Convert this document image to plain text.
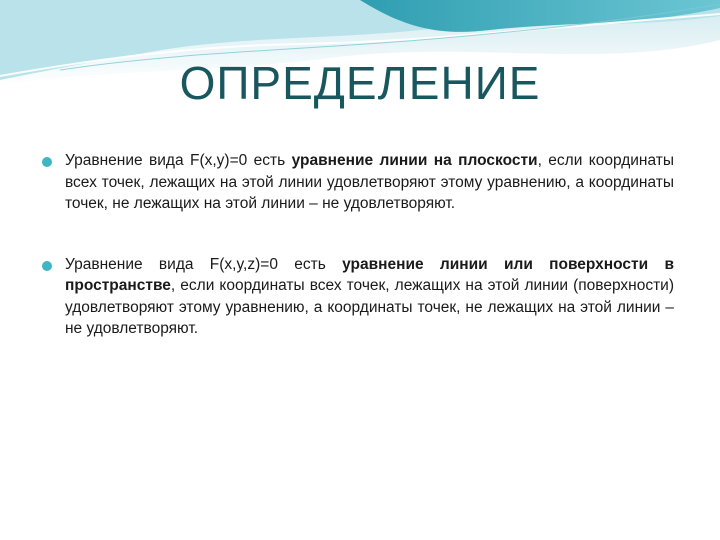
ОПРЕДЕЛЕНИЕ
Уравнение вида F(x,y)=0 есть уравнение линии на плоскости, если координаты всех точек, лежащих на этой линии удовлетворяют этому уравнению, а координаты точек, не лежащих на этой линии – не удовлетворяют.
Уравнение вида F(x,y,z)=0 есть уравнение линии или поверхности в пространстве, если координаты всех точек, лежащих на этой линии (поверхности) удовлетворяют этому уравнению, а координаты точек, не лежащих на этой линии – не удовлетворяют.
